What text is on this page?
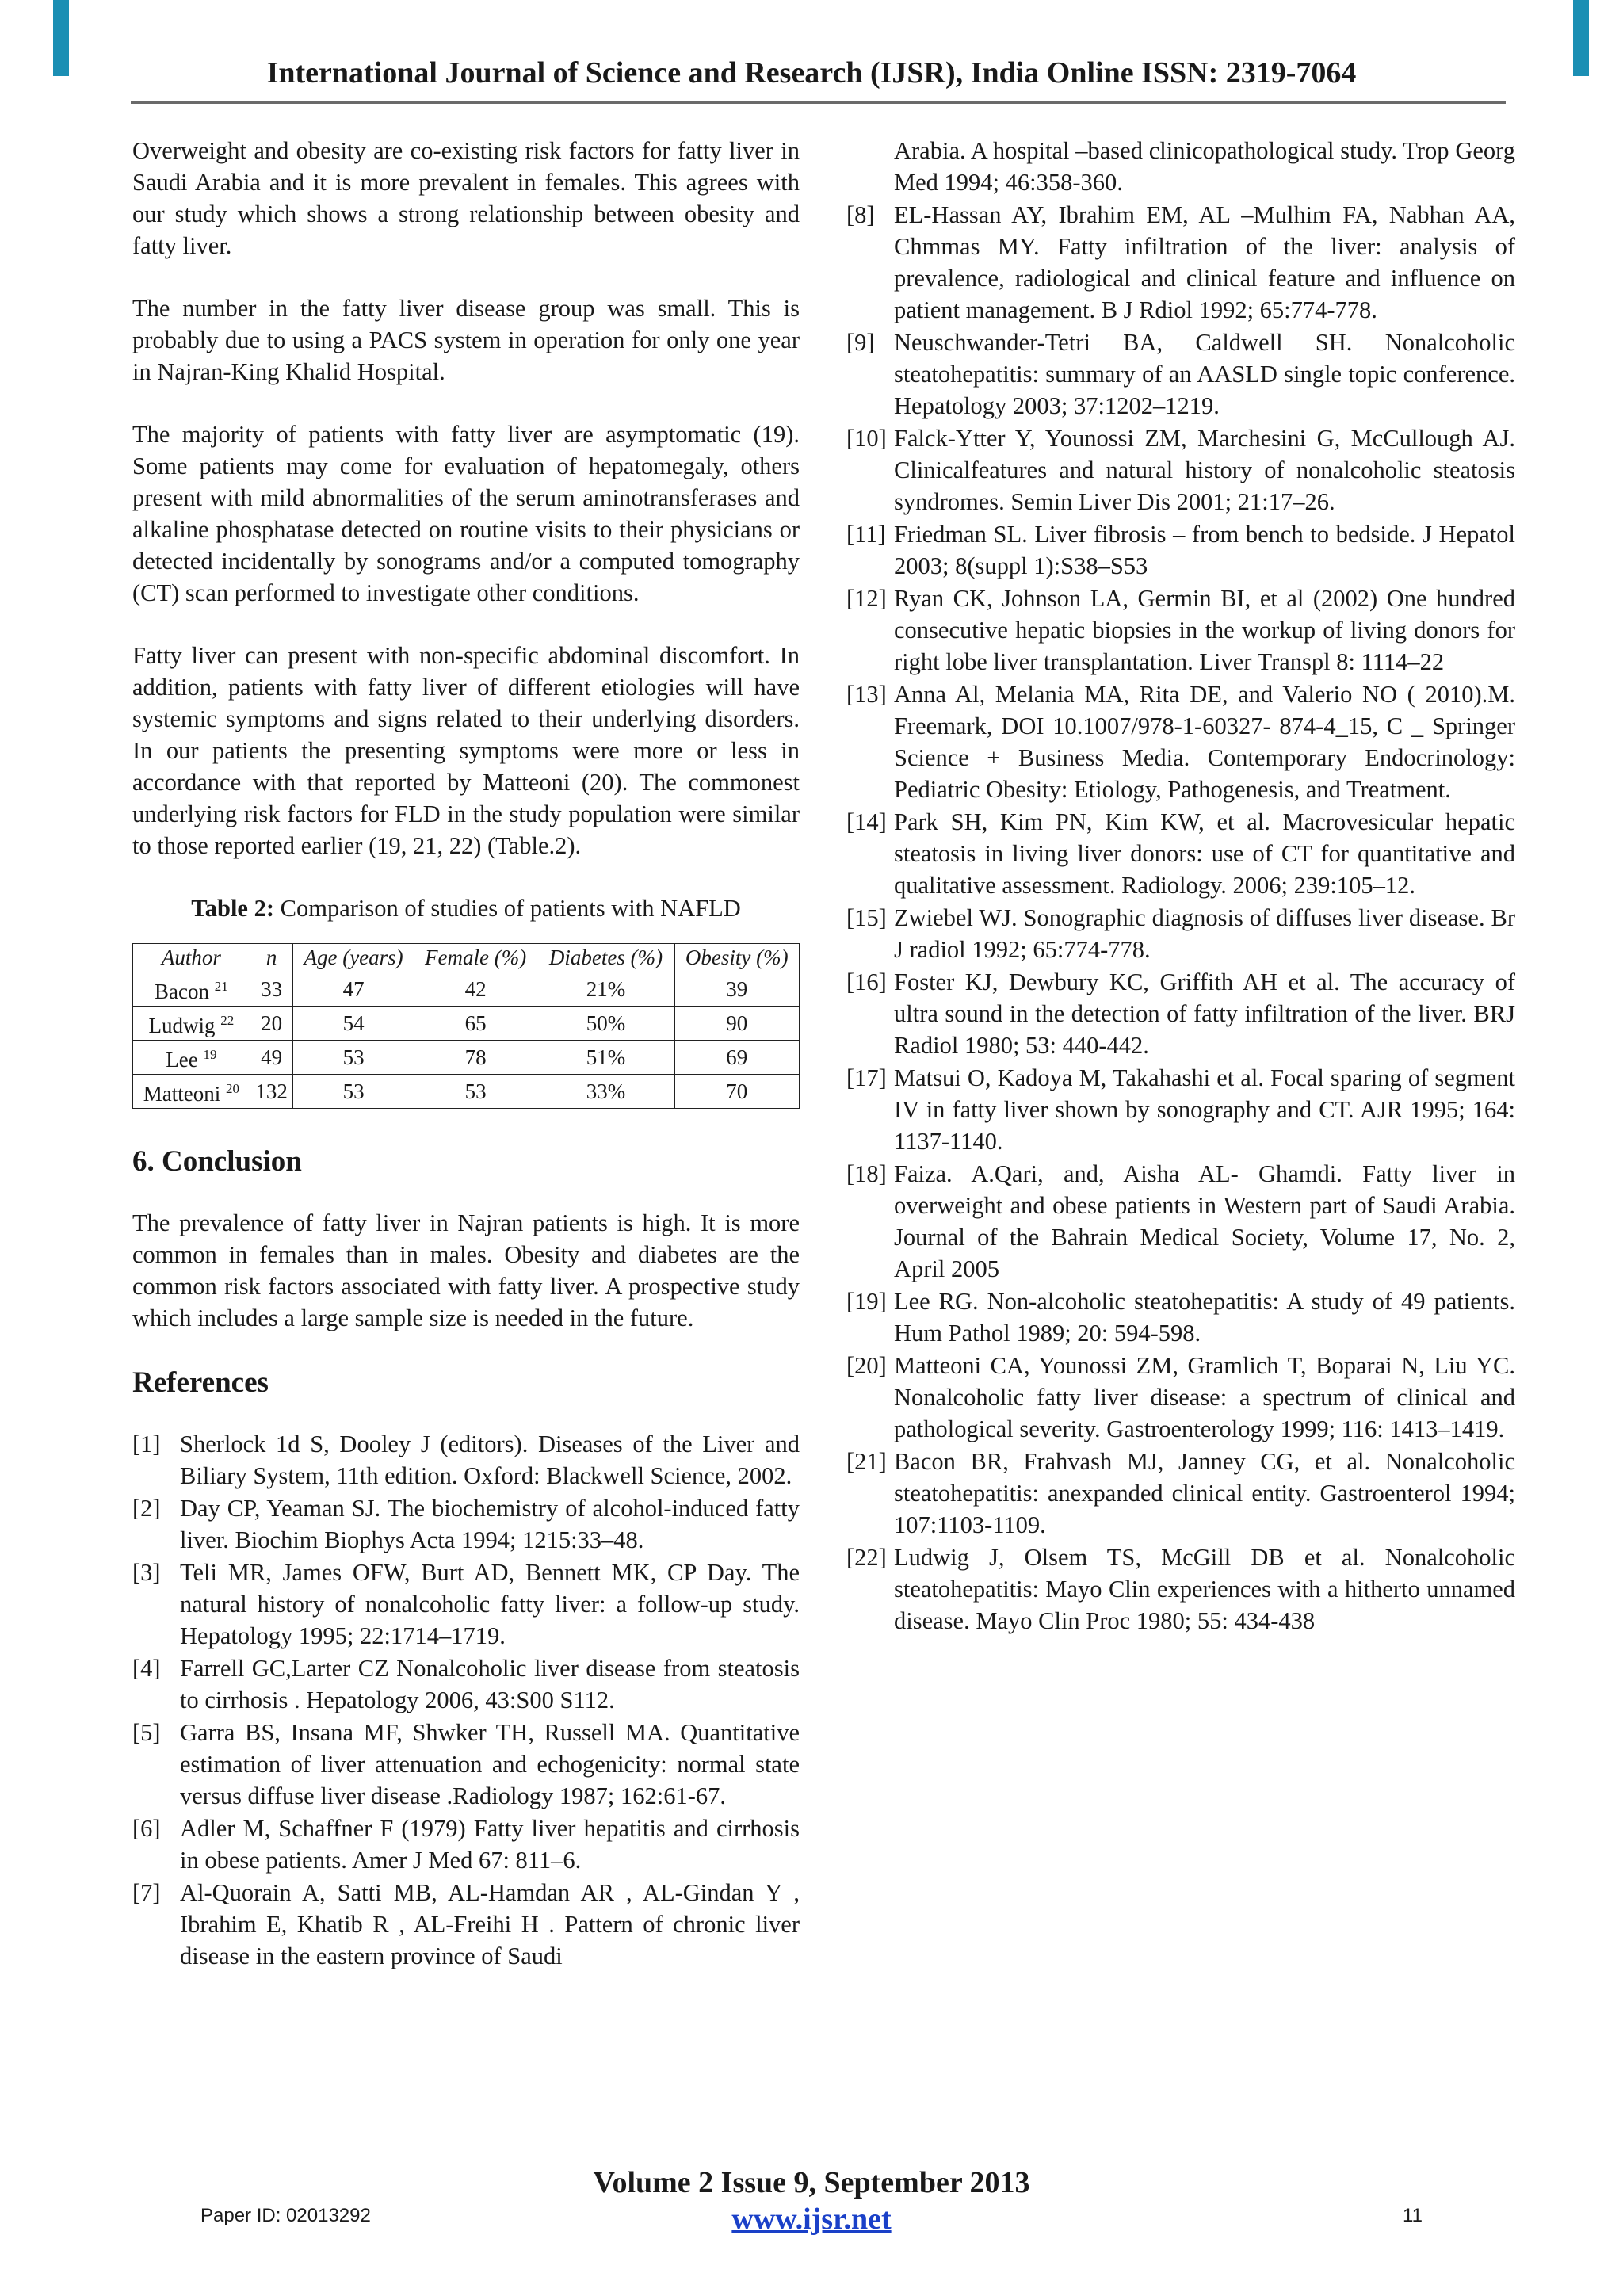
International Journal of Science and Research (IJSR), India Online ISSN: 2319-7064

Overweight and obesity are co-existing risk factors for fatty liver in Saudi Arabia and it is more prevalent in females. This agrees with our study which shows a strong relationship between obesity and fatty liver.

The number in the fatty liver disease group was small. This is probably due to using a PACS system in operation for only one year in Najran-King Khalid Hospital.

The majority of patients with fatty liver are asymptomatic (19). Some patients may come for evaluation of hepatomegaly, others present with mild abnormalities of the serum aminotransferases and alkaline phosphatase detected on routine visits to their physicians or detected incidentally by sonograms and/or a computed tomography (CT) scan performed to investigate other conditions.

Fatty liver can present with non-specific abdominal discomfort. In addition, patients with fatty liver of different etiologies will have systemic symptoms and signs related to their underlying disorders. In our patients the presenting symptoms were more or less in accordance with that reported by Matteoni (20). The commonest underlying risk factors for FLD in the study population were similar to those reported earlier (19, 21, 22) (Table.2).

Table 2: Comparison of studies of patients with NAFLD

Author	n	Age (years)	Female (%)	Diabetes (%)	Obesity (%)
Bacon $^{21}$	33	47	42	21%	39
Ludwig $^{22}$	20	54	65	50%	90
Lee $^{19}$	49	53	78	51%	69
Matteoni $^{20}$	132	53	53	33%	70
6. Conclusion

The prevalence of fatty liver in Najran patients is high. It is more common in females than in males. Obesity and diabetes are the common risk factors associated with fatty liver. A prospective study which includes a large sample size is needed in the future.

References
[1] Sherlock 1d S, Dooley J (editors). Diseases of the Liver and Biliary System, 11th edition. Oxford: Blackwell Science, 2002.
[2] Day CP, Yeaman SJ. The biochemistry of alcohol-induced fatty liver. Biochim Biophys Acta 1994; 1215:33–48.
[3] Teli MR, James OFW, Burt AD, Bennett MK, CP Day. The natural history of nonalcoholic fatty liver: a follow-up study. Hepatology 1995; 22:1714–1719.
[4] Farrell GC,Larter CZ Nonalcoholic liver disease from steatosis to cirrhosis . Hepatology 2006, 43:S00 S112.
[5] Garra BS, Insana MF, Shwker TH, Russell MA. Quantitative estimation of liver attenuation and echogenicity: normal state versus diffuse liver disease .Radiology 1987; 162:61-67.
[6] Adler M, Schaffner F (1979) Fatty liver hepatitis and cirrhosis in obese patients. Amer J Med 67: 811–6.
[7] Al-Quorain A, Satti MB, AL-Hamdan AR , AL-Gindan Y , Ibrahim E, Khatib R , AL-Freihi H . Pattern of chronic liver disease in the eastern province of Saudi
Arabia. A hospital –based clinicopathological study. Trop Georg Med 1994; 46:358-360.
[8] EL-Hassan AY, Ibrahim EM, AL –Mulhim FA, Nabhan AA, Chmmas MY. Fatty infiltration of the liver: analysis of prevalence, radiological and clinical feature and influence on patient management. B J Rdiol 1992; 65:774-778.
[9] Neuschwander-Tetri BA, Caldwell SH. Nonalcoholic steatohepatitis: summary of an AASLD single topic conference. Hepatology 2003; 37:1202–1219.
[10] Falck-Ytter Y, Younossi ZM, Marchesini G, McCullough AJ. Clinicalfeatures and natural history of nonalcoholic steatosis syndromes. Semin Liver Dis 2001; 21:17–26.
[11] Friedman SL. Liver fibrosis – from bench to bedside. J Hepatol 2003; 8(suppl 1):S38–S53
[12] Ryan CK, Johnson LA, Germin BI, et al (2002) One hundred consecutive hepatic biopsies in the workup of living donors for right lobe liver transplantation. Liver Transpl 8: 1114–22
[13] Anna Al, Melania MA, Rita DE, and Valerio NO ( 2010).M. Freemark, DOI 10.1007/978-1-60327- 874-4_15, C _ Springer Science + Business Media. Contemporary Endocrinology: Pediatric Obesity: Etiology, Pathogenesis, and Treatment.
[14] Park SH, Kim PN, Kim KW, et al. Macrovesicular hepatic steatosis in living liver donors: use of CT for quantitative and qualitative assessment. Radiology. 2006; 239:105–12.
[15] Zwiebel WJ. Sonographic diagnosis of diffuses liver disease. Br J radiol 1992; 65:774-778.
[16] Foster KJ, Dewbury KC, Griffith AH et al. The accuracy of ultra sound in the detection of fatty infiltration of the liver. BRJ Radiol 1980; 53: 440-442.
[17] Matsui O, Kadoya M, Takahashi et al. Focal sparing of segment IV in fatty liver shown by sonography and CT. AJR 1995; 164: 1137-1140.
[18] Faiza. A.Qari, and, Aisha AL- Ghamdi. Fatty liver in overweight and obese patients in Western part of Saudi Arabia. Journal of the Bahrain Medical Society, Volume 17, No. 2, April 2005
[19] Lee RG. Non-alcoholic steatohepatitis: A study of 49 patients. Hum Pathol 1989; 20: 594-598.
[20] Matteoni CA, Younossi ZM, Gramlich T, Boparai N, Liu YC. Nonalcoholic fatty liver disease: a spectrum of clinical and pathological severity. Gastroenterology 1999; 116: 1413–1419.
[21] Bacon BR, Frahvash MJ, Janney CG, et al. Nonalcoholic steatohepatitis: anexpanded clinical entity. Gastroenterol 1994; 107:1103-1109.
[22] Ludwig J, Olsem TS, McGill DB et al. Nonalcoholic steatohepatitis: Mayo Clin experiences with a hitherto unnamed disease. Mayo Clin Proc 1980; 55: 434-438
Volume 2 Issue 9, September 2013
www.ijsr.net
Paper ID: 02013292	11
